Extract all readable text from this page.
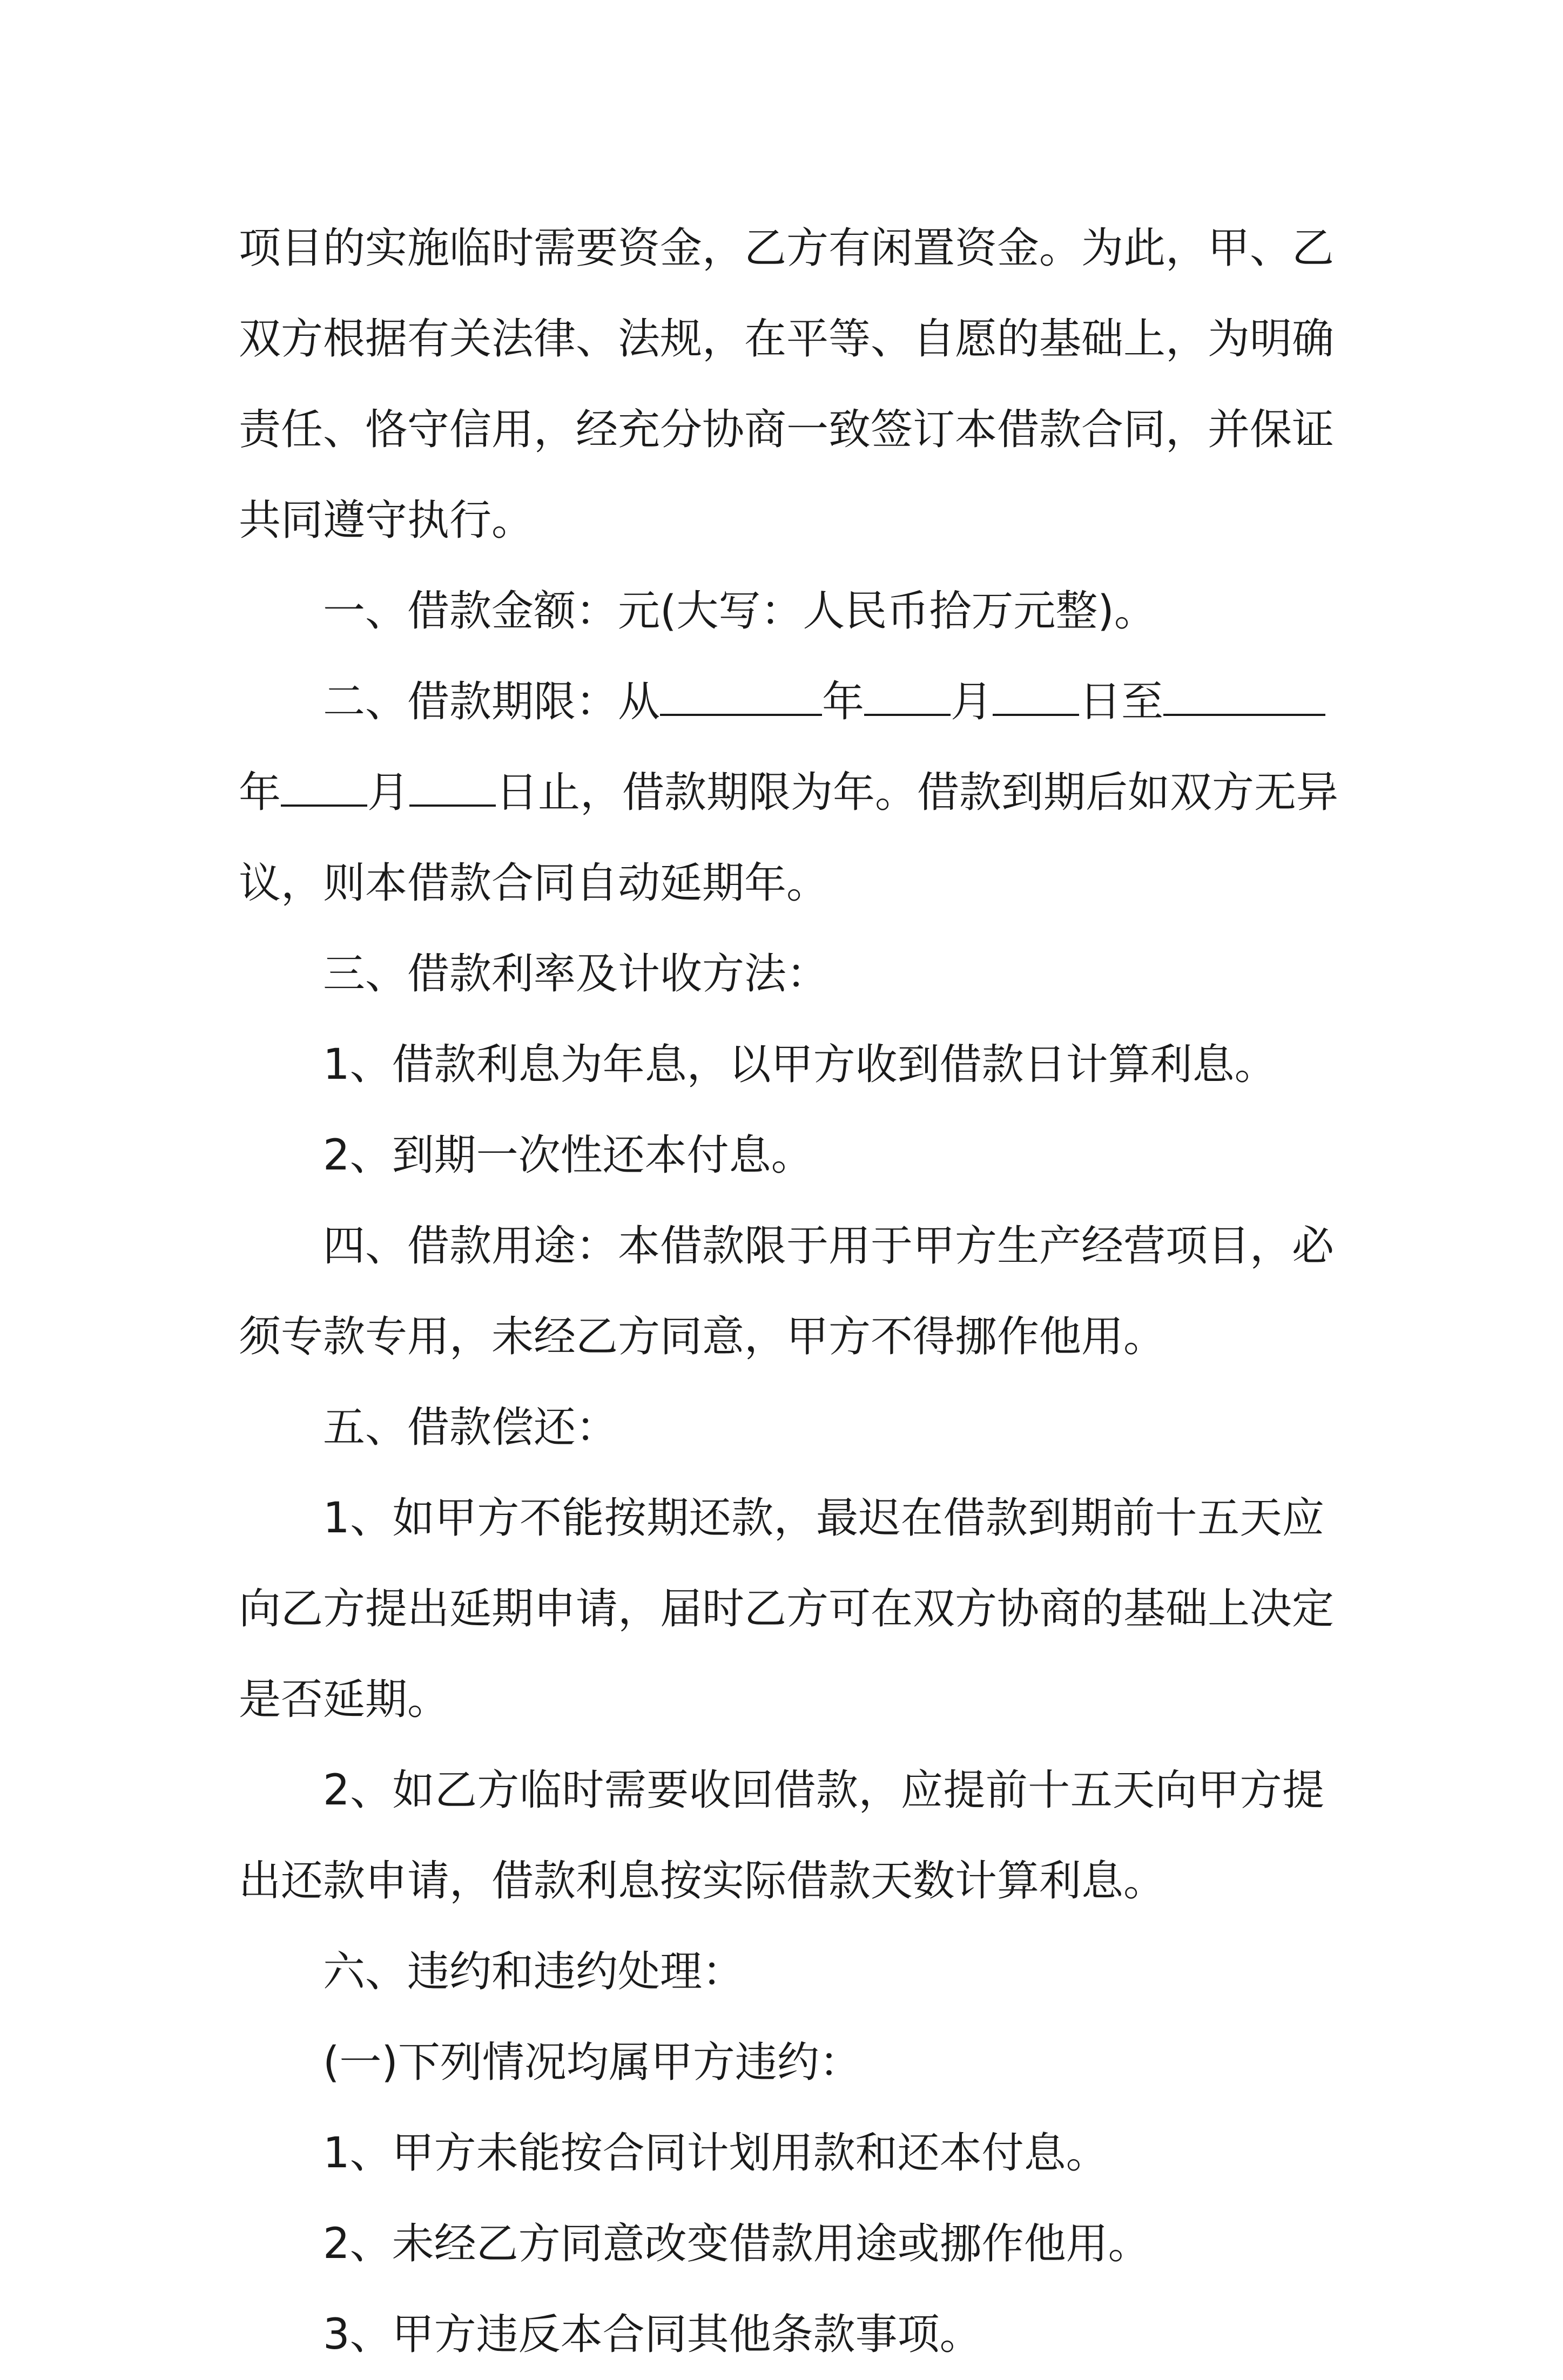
项目的实施临时需要资金，乙方有闲置资金。为此，甲、乙
双方根据有关法律、法规，在平等、自愿的基础上，为明确
责任、恪守信用，经充分协商一致签订本借款合同，并保证
共同遵守执行。
一、借款金额：元(大写：人民币拾万元整)。
二、借款期限：从	年 月 日至
年 月 日止，借款期限为年。借款到期后如双方无异
议，则本借款合同自动延期年。
三、借款利率及计收方法：
1、借款利息为年息，以甲方收到借款日计算利息。
2、到期一次性还本付息。
四、借款用途：本借款限于用于甲方生产经营项目，必
须专款专用，未经乙方同意，甲方不得挪作他用。
五、借款偿还：
1、如甲方不能按期还款，最迟在借款到期前十五天应
向乙方提出延期申请，届时乙方可在双方协商的基础上决定
是否延期。
2、如乙方临时需要收回借款，应提前十五天向甲方提
出还款申请，借款利息按实际借款天数计算利息。
六、违约和违约处理：
(一)下列情况均属甲方违约：
1、甲方未能按合同计划用款和还本付息。
2、未经乙方同意改变借款用途或挪作他用。
3、甲方违反本合同其他条款事项。
